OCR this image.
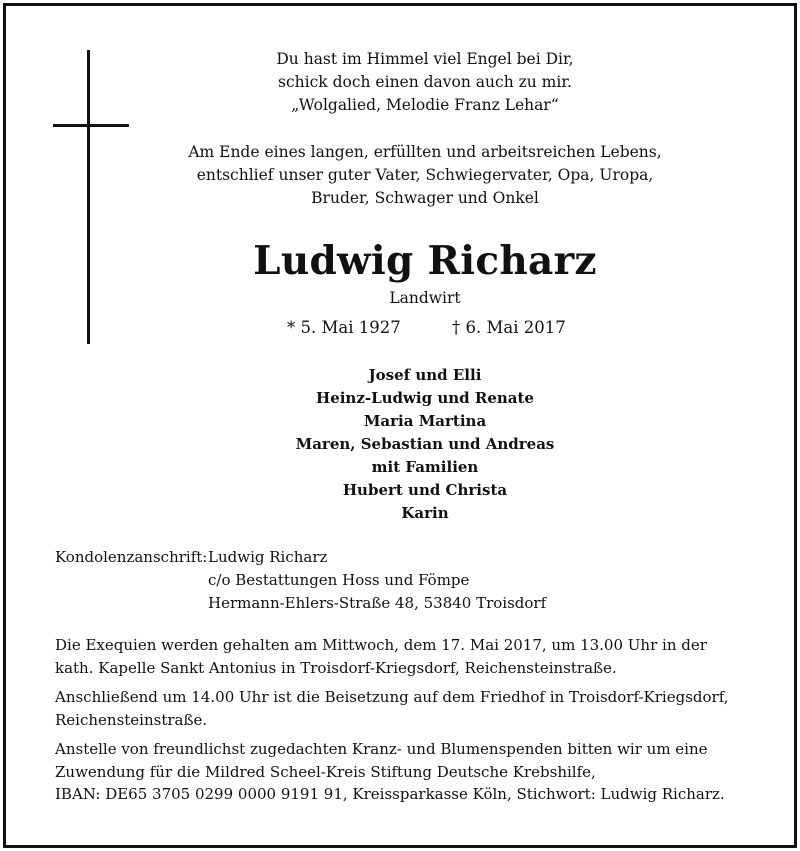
Du hast im Himmel viel Engel bei Dir,
schick doch einen davon auch zu mir.
„Wolgalied, Melodie Franz Lehar“
Am Ende eines langen, erfüllten und arbeitsreichen Lebens,
entschlief unser guter Vater, Schwiegervater, Opa, Uropa,
Bruder, Schwager und Onkel
Ludwig Richarz
Landwirt
* 5. Mai 1927	† 6. Mai 2017
Josef und Elli
Heinz-Ludwig und Renate
Maria Martina
Maren, Sebastian und Andreas
mit Familien
Hubert und Christa
Karin
Kondolenzanschrift: Ludwig Richarz
c/o Bestattungen Hoss und Fömpe
Hermann-Ehlers-Straße 48, 53840 Troisdorf
Die Exequien werden gehalten am Mittwoch, dem 17. Mai 2017, um 13.00 Uhr in der
kath. Kapelle Sankt Antonius in Troisdorf-Kriegsdorf, Reichensteinstraße.
Anschließend um 14.00 Uhr ist die Beisetzung auf dem Friedhof in Troisdorf-Kriegsdorf,
Reichensteinstraße.
Anstelle von freundlichst zugedachten Kranz- und Blumenspenden bitten wir um eine
Zuwendung für die Mildred Scheel-Kreis Stiftung Deutsche Krebshilfe,
IBAN: DE65 3705 0299 0000 9191 91, Kreissparkasse Köln, Stichwort: Ludwig Richarz.
